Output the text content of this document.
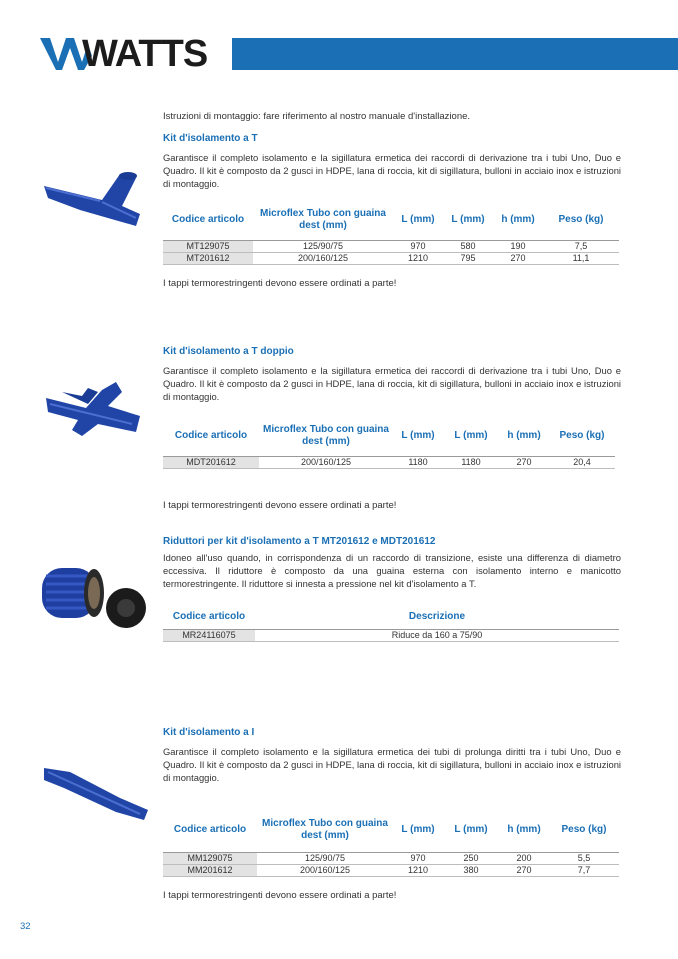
WATTS
Istruzioni di montaggio: fare riferimento al nostro manuale d'installazione.
Kit d'isolamento a T
Garantisce il completo isolamento e la sigillatura ermetica dei raccordi di derivazione tra i tubi Uno, Duo e Quadro. Il kit è composto da 2 gusci in HDPE, lana di roccia, kit di sigillatura, bulloni in acciaio inox e istruzioni di montaggio.
Codice articolo	Microflex Tubo con guaina dest (mm)	L (mm)	L (mm)	h (mm)	Peso (kg)
MT129075	125/90/75	970	580	190	7,5
MT201612	200/160/125	1210	795	270	11,1
I tappi termorestringenti devono essere ordinati a parte!
Kit d'isolamento a T doppio
Garantisce il completo isolamento e la sigillatura ermetica dei raccordi di derivazione tra i tubi Uno, Duo e Quadro. Il kit è composto da 2 gusci in HDPE, lana di roccia, kit di sigillatura, bulloni in acciaio inox e istruzioni di montaggio.
Codice articolo	Microflex Tubo con guaina dest (mm)	L (mm)	L (mm)	h (mm)	Peso (kg)
MDT201612	200/160/125	1180	1180	270	20,4
I tappi termorestringenti devono essere ordinati a parte!
Riduttori per kit d'isolamento a T MT201612 e MDT201612
Idoneo all'uso quando, in corrispondenza di un raccordo di transizione, esiste una differenza di diametro eccessiva. Il riduttore è composto da una guaina esterna con isolamento interno e manicotto termorestringente. Il riduttore si innesta a pressione nel kit d'isolamento a T.
Codice articolo	Descrizione
MR24116075	Riduce da 160 a 75/90
Kit d'isolamento a I
Garantisce il completo isolamento e la sigillatura ermetica dei tubi di prolunga diritti tra i tubi Uno, Duo e Quadro. Il kit è composto da 2 gusci in HDPE, lana di roccia, kit di sigillatura, bulloni in acciaio inox e istruzioni di montaggio.
Codice articolo	Microflex Tubo con guaina dest (mm)	L (mm)	L (mm)	h (mm)	Peso (kg)
MM129075	125/90/75	970	250	200	5,5
MM201612	200/160/125	1210	380	270	7,7
I tappi termorestringenti devono essere ordinati a parte!
32
